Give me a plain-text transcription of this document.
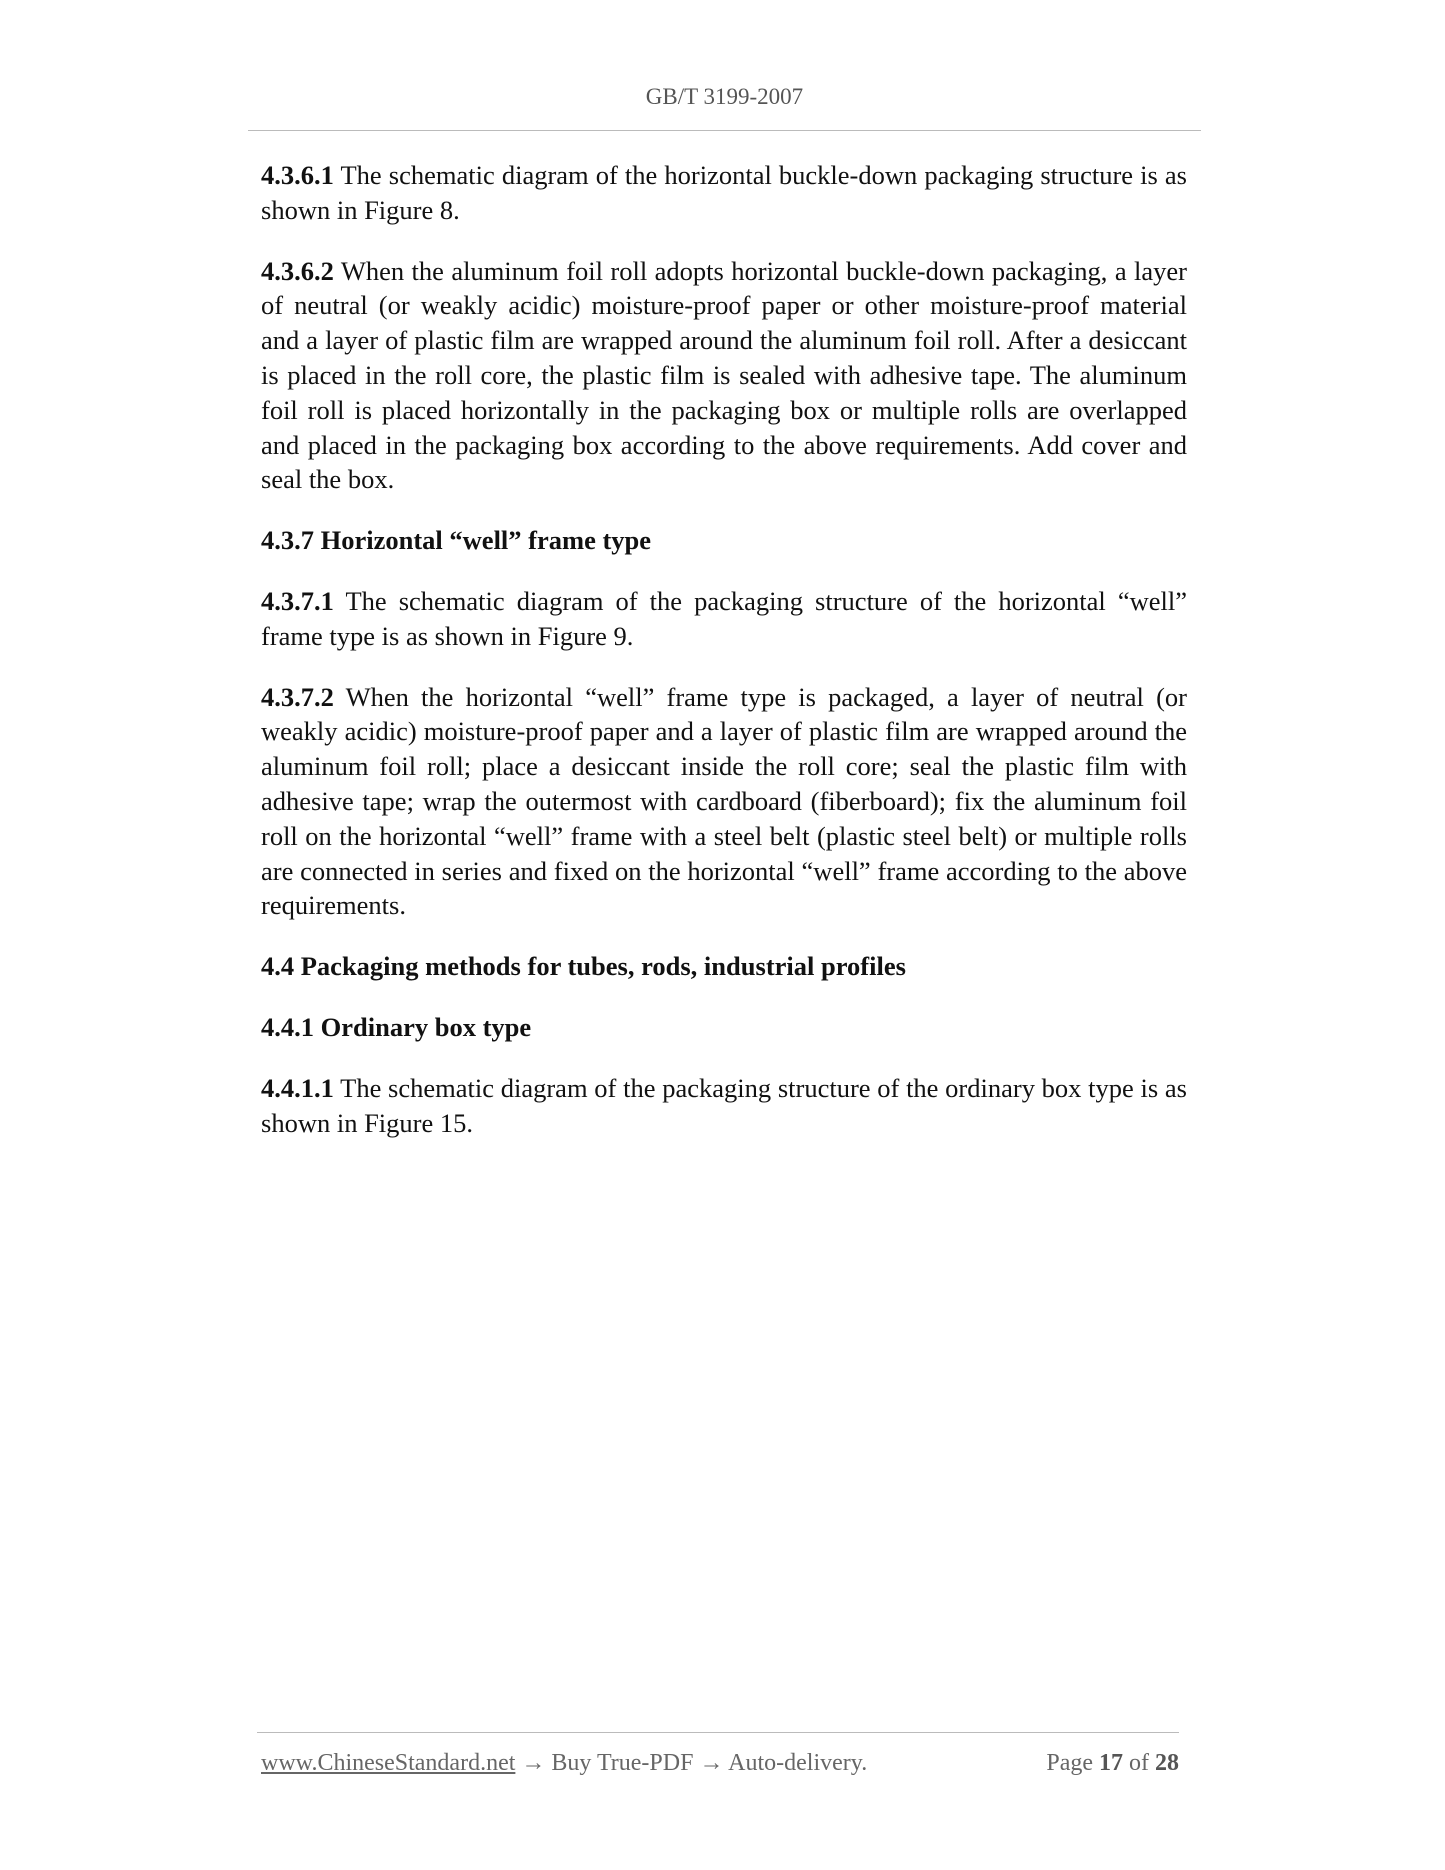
GB/T 3199-2007

4.3.6.1 The schematic diagram of the horizontal buckle-down packaging structure is as shown in Figure 8.

4.3.6.2 When the aluminum foil roll adopts horizontal buckle-down packaging, a layer of neutral (or weakly acidic) moisture-proof paper or other moisture-proof material and a layer of plastic film are wrapped around the aluminum foil roll. After a desiccant is placed in the roll core, the plastic film is sealed with adhesive tape. The aluminum foil roll is placed horizontally in the packaging box or multiple rolls are overlapped and placed in the packaging box according to the above requirements. Add cover and seal the box.

4.3.7 Horizontal “well” frame type

4.3.7.1 The schematic diagram of the packaging structure of the horizontal “well” frame type is as shown in Figure 9.

4.3.7.2 When the horizontal “well” frame type is packaged, a layer of neutral (or weakly acidic) moisture-proof paper and a layer of plastic film are wrapped around the aluminum foil roll; place a desiccant inside the roll core; seal the plastic film with adhesive tape; wrap the outermost with cardboard (fiberboard); fix the aluminum foil roll on the horizontal “well” frame with a steel belt (plastic steel belt) or multiple rolls are connected in series and fixed on the horizontal “well” frame according to the above requirements.

4.4 Packaging methods for tubes, rods, industrial profiles
4.4.1 Ordinary box type

4.4.1.1 The schematic diagram of the packaging structure of the ordinary box type is as shown in Figure 15.

www.ChineseStandard.net → Buy True-PDF → Auto-delivery.	Page 17 of 28
